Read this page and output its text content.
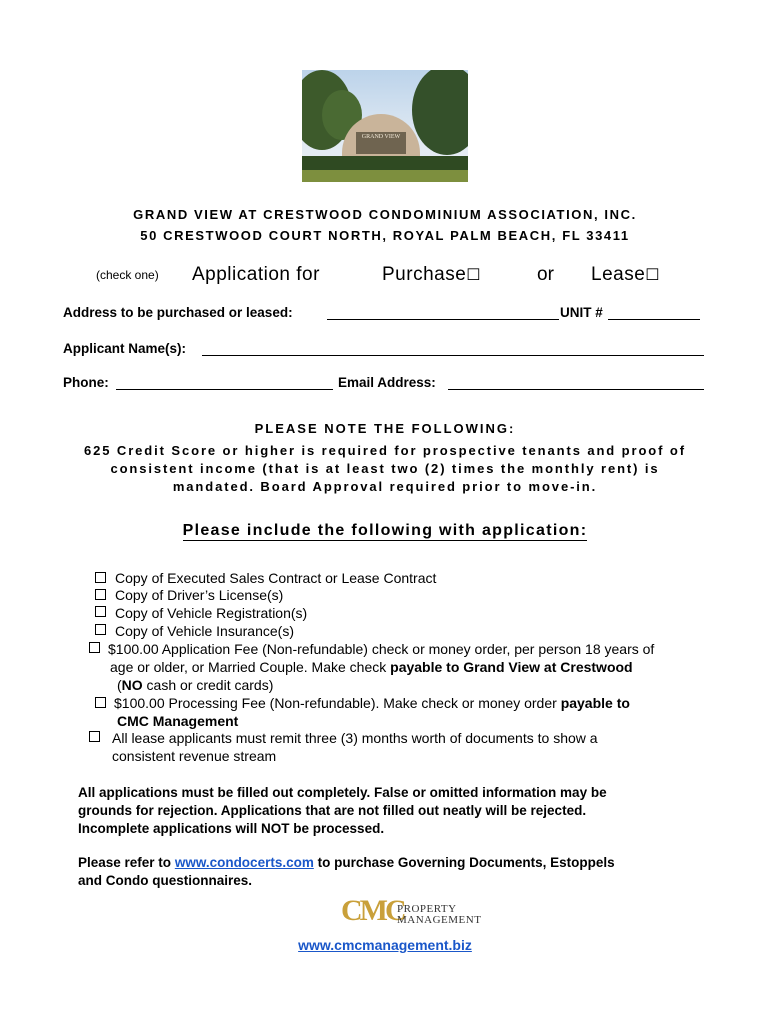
GRAND VIEW
GRAND VIEW AT CRESTWOOD CONDOMINIUM ASSOCIATION, INC.
50 CRESTWOOD COURT NORTH, ROYAL PALM BEACH, FL 33411
(check one) Application for	Purchase☐	or Lease☐
Address to be purchased or leased:	UNIT #
Applicant Name(s):
Phone:	Email Address:
PLEASE NOTE THE FOLLOWING:
625 Credit Score or higher is required for prospective tenants and proof of
consistent income (that is at least two (2) times the monthly rent) is
mandated. Board Approval required prior to move-in.
Please include the following with application:
Copy of Executed Sales Contract or Lease Contract
Copy of Driver’s License(s)
Copy of Vehicle Registration(s)
Copy of Vehicle Insurance(s)
$100.00 Application Fee (Non-refundable) check or money order, per person 18 years of
age or older, or Married Couple. Make check payable to Grand View at Crestwood
(NO cash or credit cards)
$100.00 Processing Fee (Non-refundable). Make check or money order payable to
CMC Management
All lease applicants must remit three (3) months worth of documents to show a
consistent revenue stream
All applications must be filled out completely. False or omitted information may be
grounds for rejection. Applications that are not filled out neatly will be rejected.
Incomplete applications will NOT be processed.
Please refer to www.condocerts.com to purchase Governing Documents, Estoppels
and Condo questionnaires.
CMC
PROPERTY
MANAGEMENT
www.cmcmanagement.biz
